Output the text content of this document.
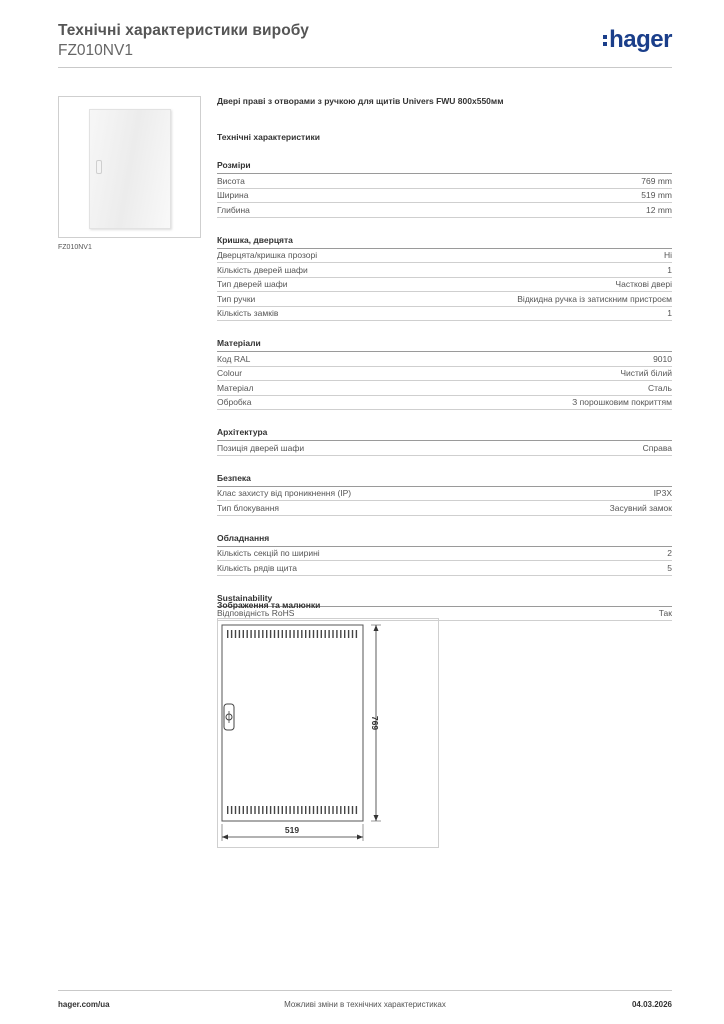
Технічні характеристики виробу
FZ010NV1	hager
FZ010NV1
Двері праві з отворами з ручкою для щитів Univers FWU 800x550мм
Технічні характеристики
Розміри
Висота	769 mm
Ширина	519 mm
Глибина	12 mm
Кришка, дверцята
Дверцята/кришка прозорі	Ні
Кількість дверей шафи	1
Тип дверей шафи	Часткові двері
Тип ручки	Відкидна ручка із затискним пристроєм
Кількість замків	1
Матеріали
Код RAL	9010
Colour	Чистий білий
Матеріал	Сталь
Обробка	З порошковим покриттям
Архітектура
Позиція дверей шафи	Справа
Безпека
Клас захисту від проникнення (IP)	IP3X
Тип блокування	Засувний замок
Обладнання
Кількість секцій по ширині	2
Кількість рядів щита	5
Sustainability
Відповідність RoHS	Так
Зображення та малюнки
769
519
hager.com/ua	Можливі зміни в технічних характеристиках	04.03.2026
